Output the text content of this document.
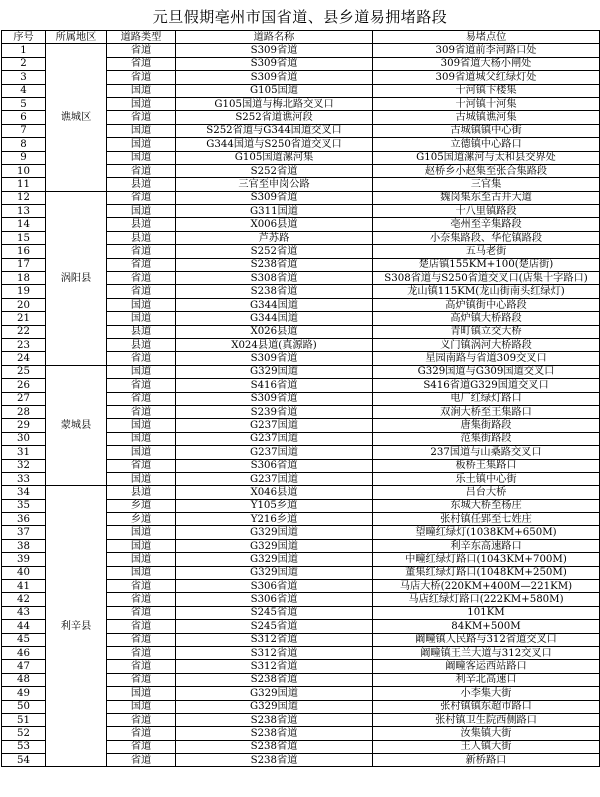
元旦假期亳州市国省道、县乡道易拥堵路段
序号	所属地区	道路类型	道路名称	易堵点位
1	谯城区	省道	S309省道	309省道前李河路口处
2		省道	S309省道	309省道大杨小闸处
3		省道	S309省道	309省道城父红绿灯处
4		国道	G105国道	十河镇卞楼集
5		国道	G105国道与梅北路交叉口	十河镇十河集
6		省道	S252省道谯河段	古城镇谯河集
7		国道	S252省道与G344国道交叉口	古城镇镇中心街
8		国道	G344国道与S250省道交叉口	立德镇中心路口
9		国道	G105国道漯河集	G105国道漯河与太和县交界处
10		省道	S252省道	赵桥乡小赵集至张合集路段
11		县道	三官至申岗公路	三官集
12	涡阳县	省道	S309省道	魏岗集东至古井大道
13		国道	G311国道	十八里镇路段
14		县道	X006县道	亳州至辛集路段
15		县道	芦苏路	小奈集路段、华佗镇路段
16		省道	S252省道	五马老街
17		省道	S238省道	楚店镇155KM+100(楚店街)
18		省道	S308省道	S308省道与S250省道交叉口(店集十字路口)
19		省道	S238省道	龙山镇115KM(龙山街南头红绿灯)
20		国道	G344国道	高炉镇街中心路段
21		国道	G344国道	高炉镇大桥路段
22		县道	X026县道	青町镇立交大桥
23		县道	X024县道(真源路)	义门镇涡河大桥路段
24		省道	S309省道	星园南路与省道309交叉口
25	蒙城县	国道	G329国道	G329国道与G309国道交叉口
26		省道	S416省道	S416省道G329国道交叉口
27		省道	S309省道	电厂红绿灯路口
28		省道	S239省道	双涧大桥至王集路口
29		国道	G237国道	唐集街路段
30		国道	G237国道	范集街路段
31		国道	G237国道	237国道与山桑路交叉口
32		省道	S306省道	板桥王集路口
33		国道	G237国道	乐土镇中心街
34	利辛县	县道	X046县道	吕台大桥
35		乡道	Y105乡道	东城大桥至杨庄
36		乡道	Y216乡道	张村镇任郢至七姓庄
37		国道	G329国道	望疃红绿灯(1038KM+650M)
38		国道	G329国道	利辛东高速路口
39		国道	G329国道	中疃红绿灯路口(1043KM+700M)
40		国道	G329国道	董集红绿灯路口(1048KM+250M)
41		省道	S306省道	马店大桥(220KM+400M—221KM)
42		省道	S306省道	马店红绿灯路口(222KM+580M)
43		省道	S245省道	101KM
44		省道	S245省道	84KM+500M
45		省道	S312省道	阚疃镇人民路与312省道交叉口
46		省道	S312省道	阚疃镇王兰大道与312交叉口
47		省道	S312省道	阚疃客运西站路口
48		省道	S238省道	利辛北高速口
49		国道	G329国道	小李集大街
50		国道	G329国道	张村镇镇东超市路口
51		省道	S238省道	张村镇卫生院西侧路口
52		省道	S238省道	汝集镇大街
53		省道	S238省道	王人镇大街
54		省道	S238省道	新桥路口
